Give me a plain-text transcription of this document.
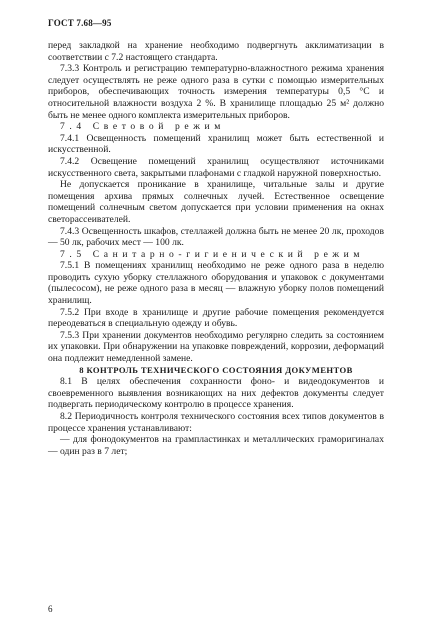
ГОСТ 7.68—95

перед закладкой на хранение необходимо подвергнуть акклиматизации в соответствии с 7.2 настоящего стандарта.

7.3.3 Контроль и регистрацию температурно-влажностного режима хранения следует осуществлять не реже одного раза в сутки с помощью измерительных приборов, обеспечивающих точность измерения температуры 0,5 °С и относительной влажности воздуха 2 %. В хранилище площадью 25 м² должно быть не менее одного комплекта измерительных приборов.

7.4 Световой режим

7.4.1 Освещенность помещений хранилищ может быть естественной и искусственной.

7.4.2 Освещение помещений хранилищ осуществляют источниками искусственного света, закрытыми плафонами с гладкой наружной поверхностью.

Не допускается проникание в хранилище, читальные залы и другие помещения архива прямых солнечных лучей. Естественное освещение помещений солнечным светом допускается при условии применения на окнах светорассеивателей.

7.4.3 Освещенность шкафов, стеллажей должна быть не менее 20 лк, проходов — 50 лк, рабочих мест — 100 лк.

7.5 Санитарно-гигиенический режим

7.5.1 В помещениях хранилищ необходимо не реже одного раза в неделю проводить сухую уборку стеллажного оборудования и упаковок с документами (пылесосом), не реже одного раза в месяц — влажную уборку полов помещений хранилищ.

7.5.2 При входе в хранилище и другие рабочие помещения рекомендуется переодеваться в специальную одежду и обувь.

7.5.3 При хранении документов необходимо регулярно следить за состоянием их упаковки. При обнаружении на упаковке повреждений, коррозии, деформаций она подлежит немедленной замене.

8 КОНТРОЛЬ ТЕХНИЧЕСКОГО СОСТОЯНИЯ ДОКУМЕНТОВ

8.1 В целях обеспечения сохранности фоно- и видеодокументов и своевременного выявления возникающих на них дефектов документы следует подвергать периодическому контролю в процессе хранения.

8.2 Периодичность контроля технического состояния всех типов документов в процессе хранения устанавливают:

— для фонодокументов на грампластинках и металлических граморигиналах — один раз в 7 лет;

6
